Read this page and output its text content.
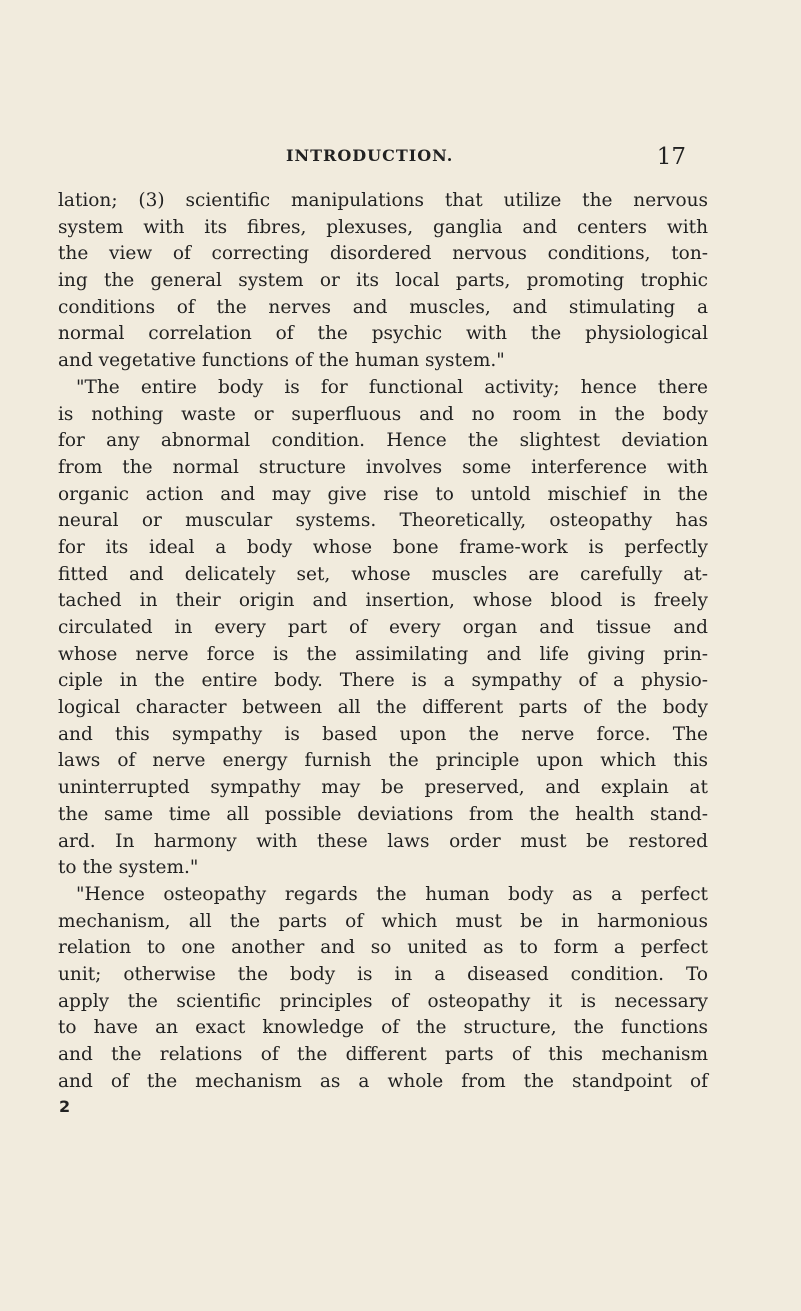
INTRODUCTION.	17
lation; (3) scientific manipulations that utilize the nervous
system with its fibres, plexuses, ganglia and centers with
the view of correcting disordered nervous conditions, ton-
ing the general system or its local parts, promoting trophic
conditions of the nerves and muscles, and stimulating a
normal correlation of the psychic with the physiological
and vegetative functions of the human system."
"The entire body is for functional activity; hence there
is nothing waste or superfluous and no room in the body
for any abnormal condition. Hence the slightest deviation
from the normal structure involves some interference with
organic action and may give rise to untold mischief in the
neural or muscular systems. Theoretically, osteopathy has
for its ideal a body whose bone frame-work is perfectly
fitted and delicately set, whose muscles are carefully at-
tached in their origin and insertion, whose blood is freely
circulated in every part of every organ and tissue and
whose nerve force is the assimilating and life giving prin-
ciple in the entire body. There is a sympathy of a physio-
logical character between all the different parts of the body
and this sympathy is based upon the nerve force. The
laws of nerve energy furnish the principle upon which this
uninterrupted sympathy may be preserved, and explain at
the same time all possible deviations from the health stand-
ard. In harmony with these laws order must be restored
to the system."
"Hence osteopathy regards the human body as a perfect
mechanism, all the parts of which must be in harmonious
relation to one another and so united as to form a perfect
unit; otherwise the body is in a diseased condition. To
apply the scientific principles of osteopathy it is necessary
to have an exact knowledge of the structure, the functions
and the relations of the different parts of this mechanism
and of the mechanism as a whole from the standpoint of
2
